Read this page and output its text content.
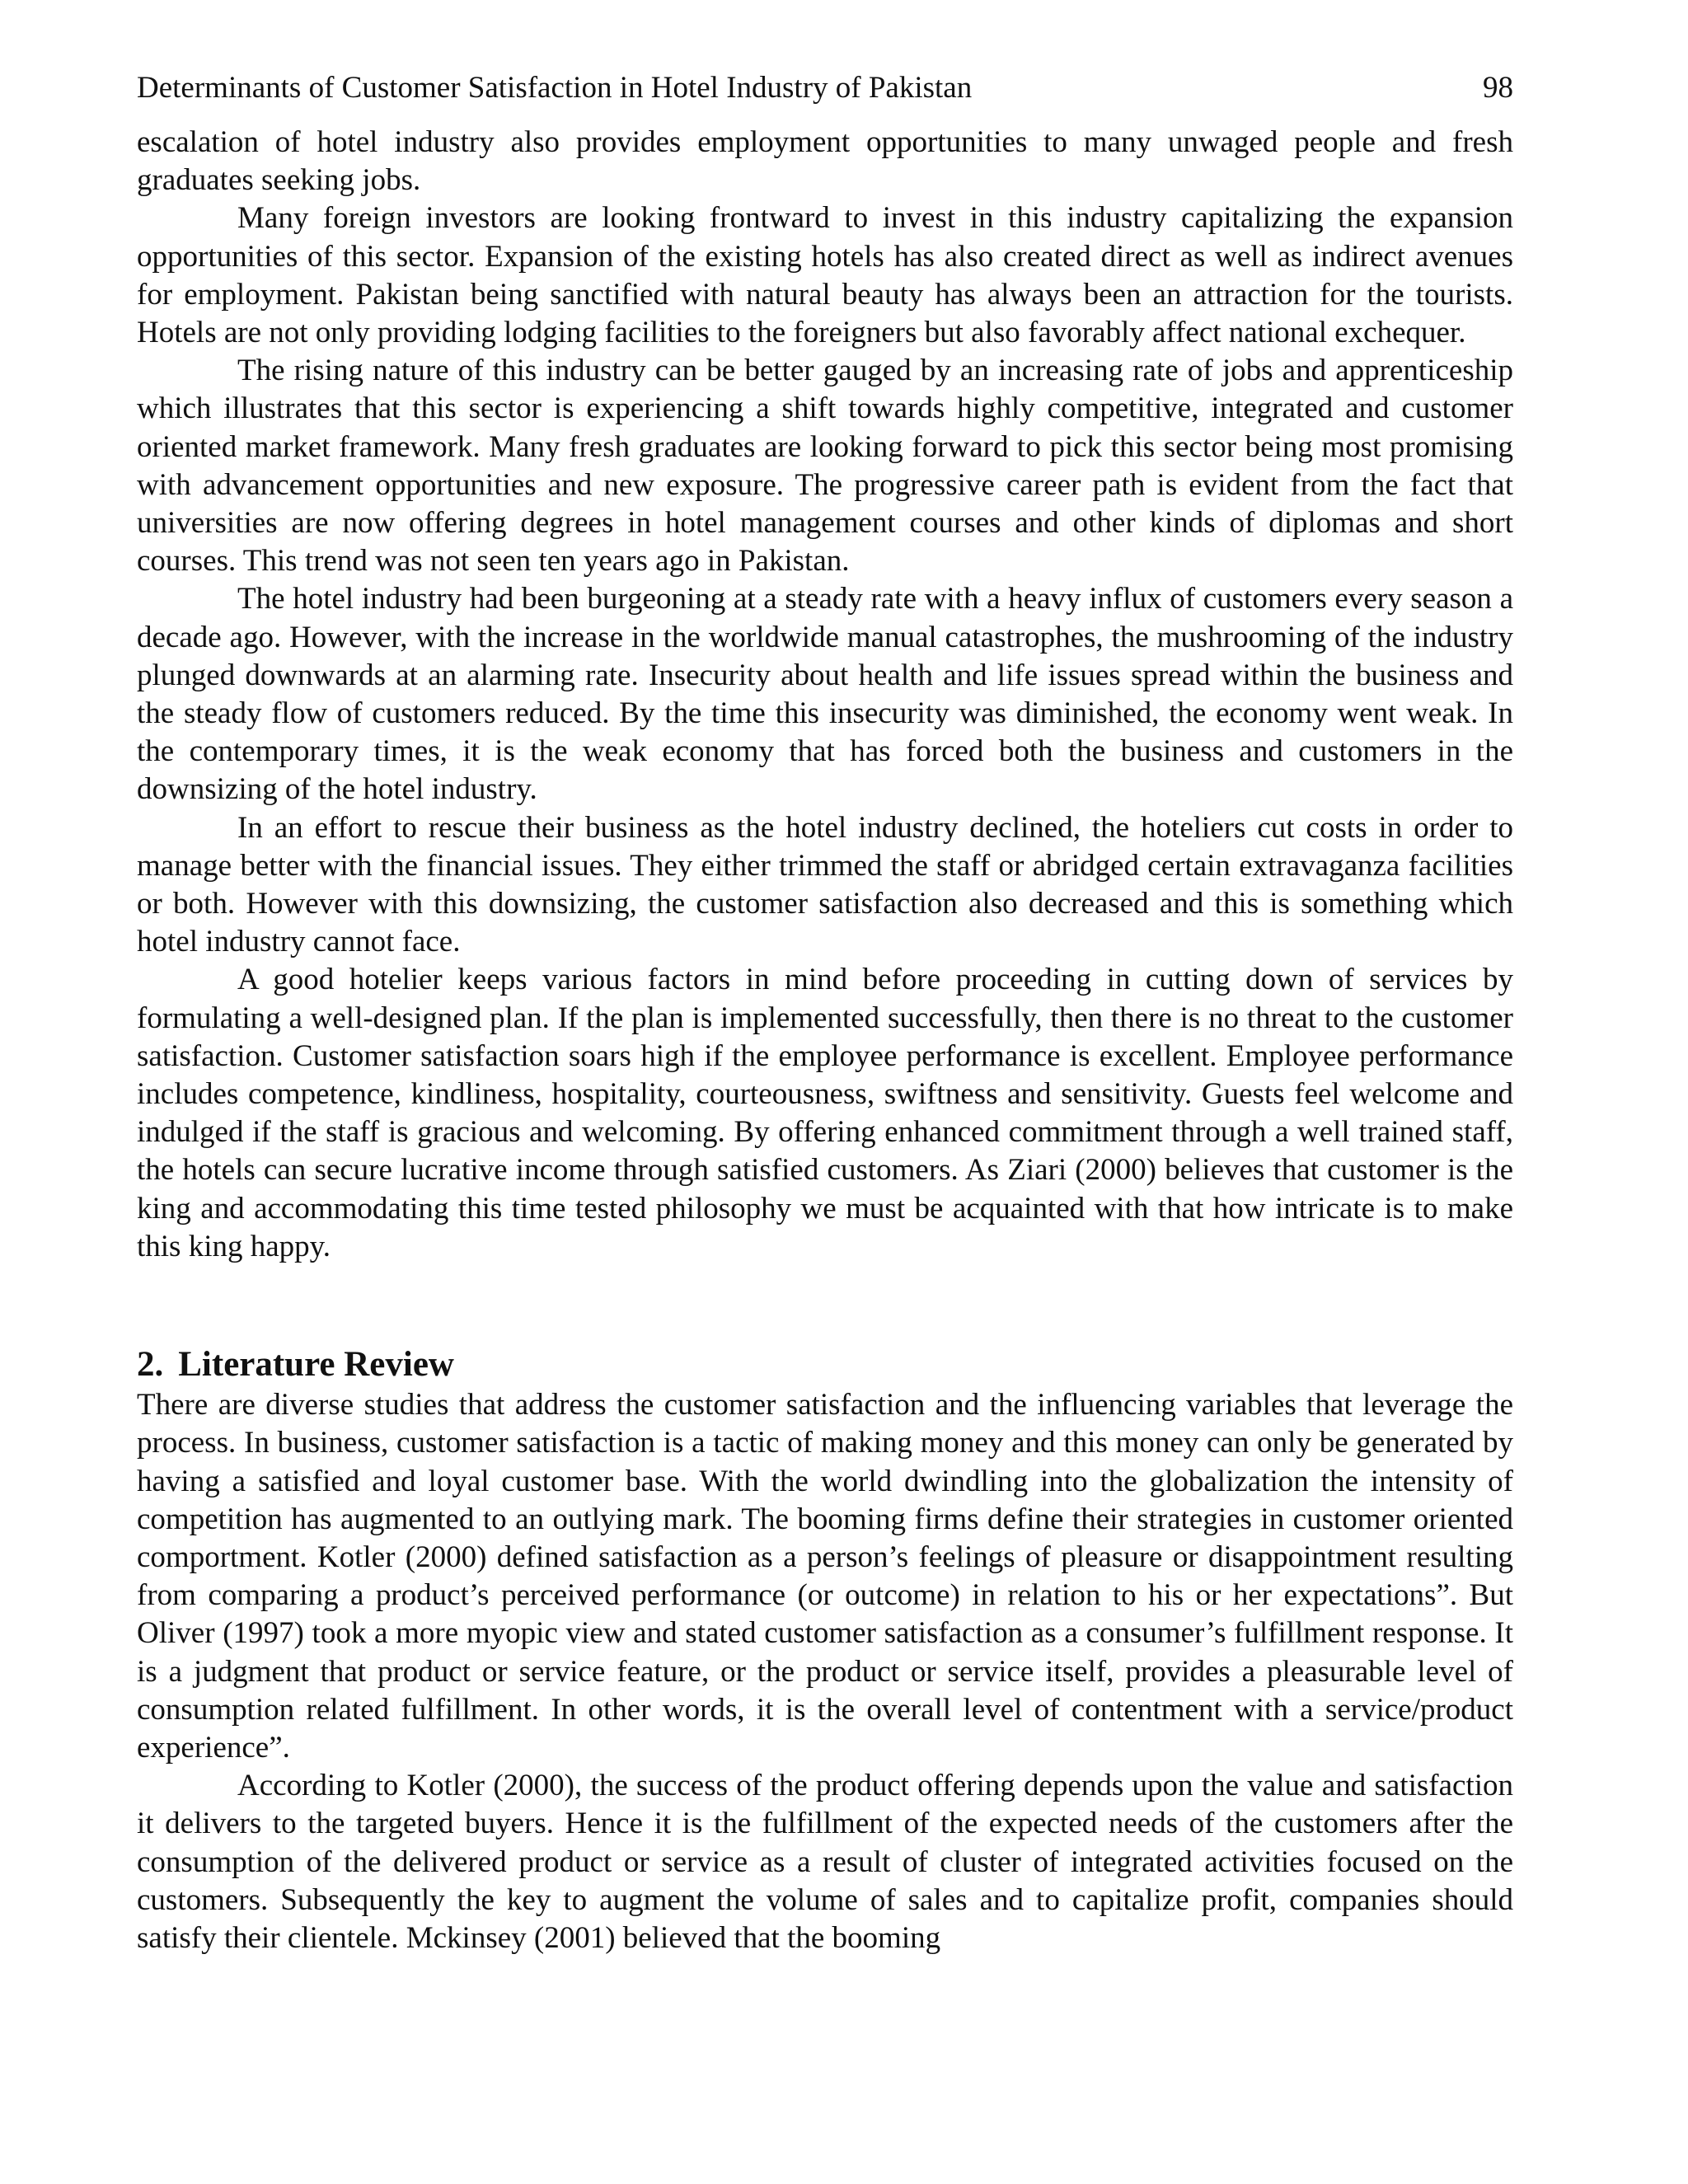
Determinants of Customer Satisfaction in Hotel Industry of Pakistan	98

escalation of hotel industry also provides employment opportunities to many unwaged people and fresh graduates seeking jobs.

Many foreign investors are looking frontward to invest in this industry capitalizing the expansion opportunities of this sector. Expansion of the existing hotels has also created direct as well as indirect avenues for employment. Pakistan being sanctified with natural beauty has always been an attraction for the tourists. Hotels are not only providing lodging facilities to the foreigners but also favorably affect national exchequer.

The rising nature of this industry can be better gauged by an increasing rate of jobs and apprenticeship which illustrates that this sector is experiencing a shift towards highly competitive, integrated and customer oriented market framework. Many fresh graduates are looking forward to pick this sector being most promising with advancement opportunities and new exposure. The progressive career path is evident from the fact that universities are now offering degrees in hotel management courses and other kinds of diplomas and short courses. This trend was not seen ten years ago in Pakistan.

The hotel industry had been burgeoning at a steady rate with a heavy influx of customers every season a decade ago. However, with the increase in the worldwide manual catastrophes, the mushrooming of the industry plunged downwards at an alarming rate. Insecurity about health and life issues spread within the business and the steady flow of customers reduced. By the time this insecurity was diminished, the economy went weak. In the contemporary times, it is the weak economy that has forced both the business and customers in the downsizing of the hotel industry.

In an effort to rescue their business as the hotel industry declined, the hoteliers cut costs in order to manage better with the financial issues. They either trimmed the staff or abridged certain extravaganza facilities or both. However with this downsizing, the customer satisfaction also decreased and this is something which hotel industry cannot face.

A good hotelier keeps various factors in mind before proceeding in cutting down of services by formulating a well-designed plan. If the plan is implemented successfully, then there is no threat to the customer satisfaction. Customer satisfaction soars high if the employee performance is excellent. Employee performance includes competence, kindliness, hospitality, courteousness, swiftness and sensitivity. Guests feel welcome and indulged if the staff is gracious and welcoming. By offering enhanced commitment through a well trained staff, the hotels can secure lucrative income through satisfied customers. As Ziari (2000) believes that customer is the king and accommodating this time tested philosophy we must be acquainted with that how intricate is to make this king happy.

2. Literature Review

There are diverse studies that address the customer satisfaction and the influencing variables that leverage the process. In business, customer satisfaction is a tactic of making money and this money can only be generated by having a satisfied and loyal customer base. With the world dwindling into the globalization the intensity of competition has augmented to an outlying mark. The booming firms define their strategies in customer oriented comportment. Kotler (2000) defined satisfaction as a person’s feelings of pleasure or disappointment resulting from comparing a product’s perceived performance (or outcome) in relation to his or her expectations”. But Oliver (1997) took a more myopic view and stated customer satisfaction as a consumer’s fulfillment response. It is a judgment that product or service feature, or the product or service itself, provides a pleasurable level of consumption related fulfillment. In other words, it is the overall level of contentment with a service/product experience”.

According to Kotler (2000), the success of the product offering depends upon the value and satisfaction it delivers to the targeted buyers. Hence it is the fulfillment of the expected needs of the customers after the consumption of the delivered product or service as a result of cluster of integrated activities focused on the customers. Subsequently the key to augment the volume of sales and to capitalize profit, companies should satisfy their clientele. Mckinsey (2001) believed that the booming
